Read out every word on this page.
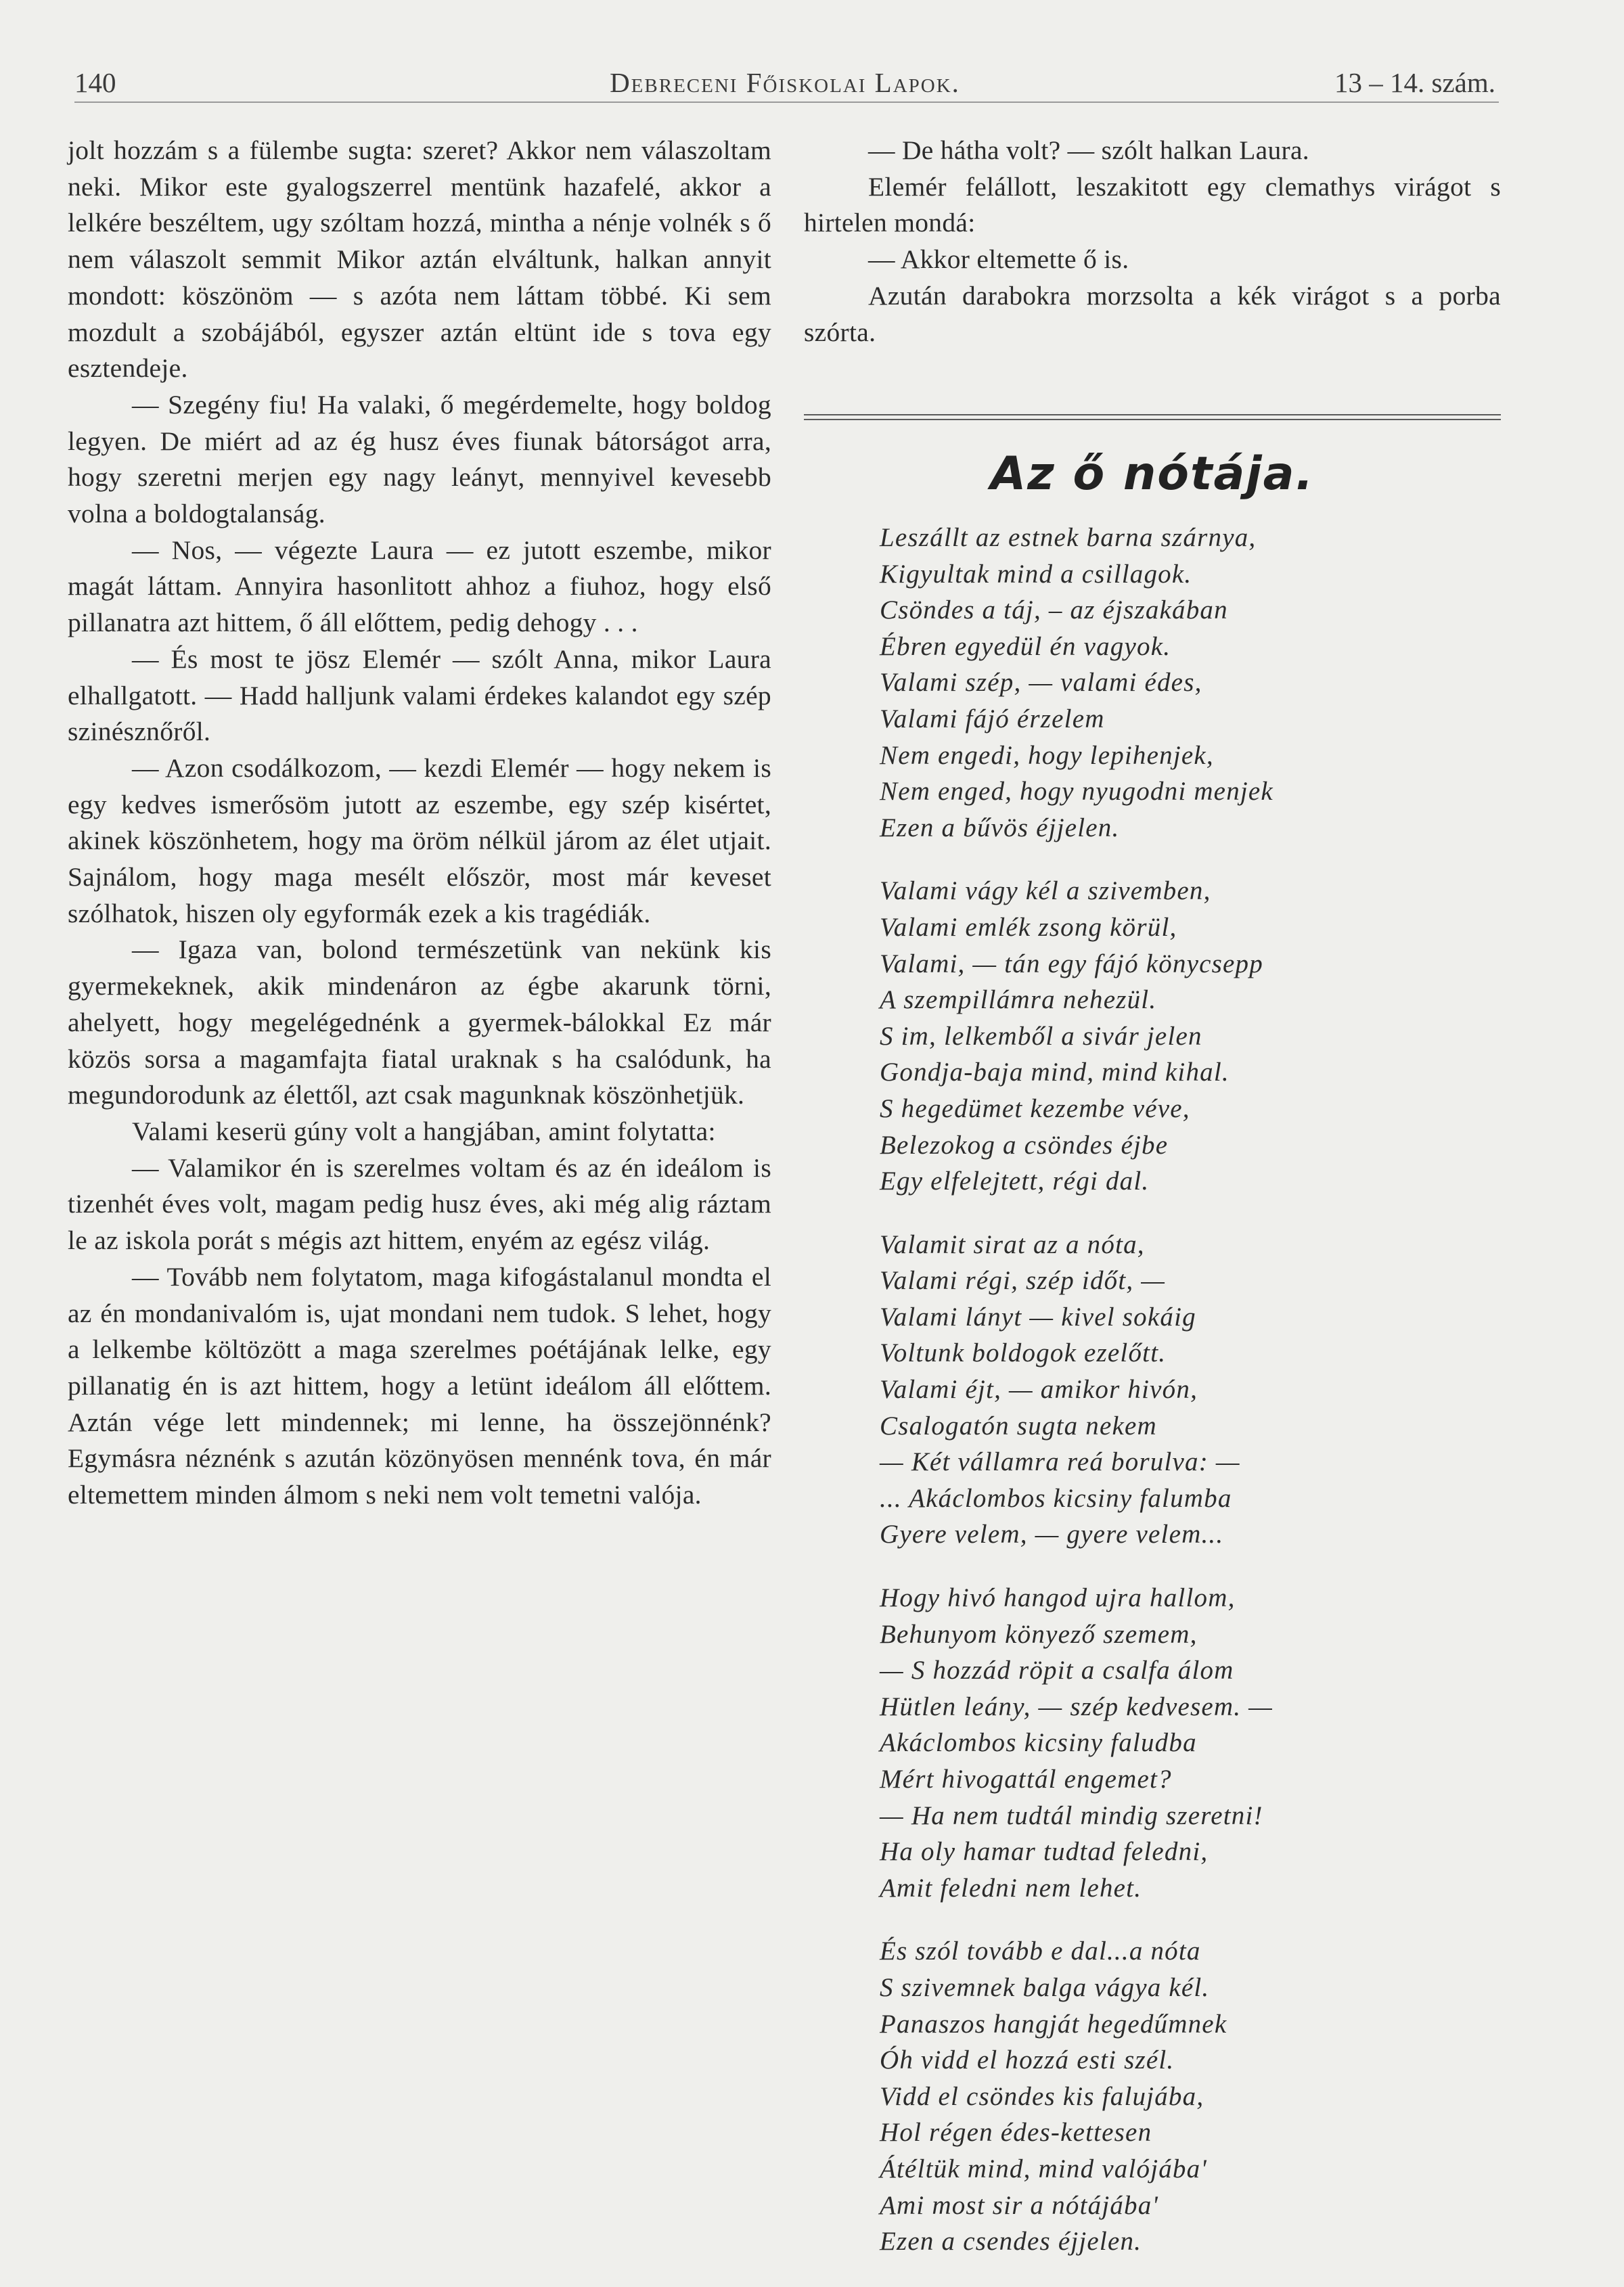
140	Debreceni Főiskolai Lapok.	13 – 14. szám.

jolt hozzám s a fülembe sugta: szeret? Akkor nem válaszoltam neki. Mikor este gyalogszerrel mentünk hazafelé, akkor a lelkére beszéltem, ugy szóltam hozzá, mintha a nénje volnék s ő nem válaszolt semmit Mikor aztán elváltunk, halkan annyit mondott: köszönöm — s azóta nem láttam többé. Ki sem mozdult a szobájából, egyszer aztán eltünt ide s tova egy esztendeje.

— Szegény fiu! Ha valaki, ő megérdemelte, hogy boldog legyen. De miért ad az ég husz éves fiunak bátorságot arra, hogy szeretni merjen egy nagy leányt, mennyivel kevesebb volna a boldogtalanság.

— Nos, — végezte Laura — ez jutott eszembe, mikor magát láttam. Annyira hasonlitott ahhoz a fiuhoz, hogy első pillanatra azt hittem, ő áll előttem, pedig dehogy . . .

— És most te jösz Elemér — szólt Anna, mikor Laura elhallgatott. — Hadd halljunk valami érdekes kalandot egy szép szinésznőről.

— Azon csodálkozom, — kezdi Elemér — hogy nekem is egy kedves ismerősöm jutott az eszembe, egy szép kisértet, akinek köszönhetem, hogy ma öröm nélkül járom az élet utjait. Sajnálom, hogy maga mesélt először, most már keveset szólhatok, hiszen oly egyformák ezek a kis tragédiák.

— Igaza van, bolond természetünk van nekünk kis gyermekeknek, akik mindenáron az égbe akarunk törni, ahelyett, hogy megelégednénk a gyermek-bálokkal Ez már közös sorsa a magamfajta fiatal uraknak s ha csalódunk, ha megundorodunk az élettől, azt csak magunknak köszönhetjük.

Valami keserü gúny volt a hangjában, amint folytatta:

— Valamikor én is szerelmes voltam és az én ideálom is tizenhét éves volt, magam pedig husz éves, aki még alig ráztam le az iskola porát s mégis azt hittem, enyém az egész világ.

— Tovább nem folytatom, maga kifogástalanul mondta el az én mondanivalóm is, ujat mondani nem tudok. S lehet, hogy a lelkembe költözött a maga szerelmes poétájának lelke, egy pillanatig én is azt hittem, hogy a letünt ideálom áll előttem. Aztán vége lett mindennek; mi lenne, ha összejönnénk? Egymásra néznénk s azután közönyösen mennénk tova, én már eltemettem minden álmom s neki nem volt temetni valója.

— De hátha volt? — szólt halkan Laura.

Elemér felállott, leszakitott egy clemathys virágot s hirtelen mondá:

— Akkor eltemette ő is.

Azután darabokra morzsolta a kék virágot s a porba szórta.

Az ő nótája.
Leszállt az estnek barna szárnya,
Kigyultak mind a csillagok.
Csöndes a táj, – az éjszakában
Ébren egyedül én vagyok.
Valami szép, — valami édes,
Valami fájó érzelem
Nem engedi, hogy lepihenjek,
Nem enged, hogy nyugodni menjek
Ezen a bűvös éjjelen.
Valami vágy kél a szivemben,
Valami emlék zsong körül,
Valami, — tán egy fájó könycsepp
A szempillámra nehezül.
S im, lelkemből a sivár jelen
Gondja-baja mind, mind kihal.
S hegedümet kezembe véve,
Belezokog a csöndes éjbe
Egy elfelejtett, régi dal.
Valamit sirat az a nóta,
Valami régi, szép időt, —
Valami lányt — kivel sokáig
Voltunk boldogok ezelőtt.
Valami éjt, — amikor hivón,
Csalogatón sugta nekem
— Két vállamra reá borulva: —
... Akáclombos kicsiny falumba
Gyere velem, — gyere velem...
Hogy hivó hangod ujra hallom,
Behunyom könyező szemem,
— S hozzád röpit a csalfa álom
Hütlen leány, — szép kedvesem. —
Akáclombos kicsiny faludba
Mért hivogattál engemet?
— Ha nem tudtál mindig szeretni!
Ha oly hamar tudtad feledni,
Amit feledni nem lehet.
És szól tovább e dal...a nóta
S szivemnek balga vágya kél.
Panaszos hangját hegedűmnek
Óh vidd el hozzá esti szél.
Vidd el csöndes kis falujába,
Hol régen édes-kettesen
Átéltük mind, mind valójába'
Ami most sir a nótájába'
Ezen a csendes éjjelen.
